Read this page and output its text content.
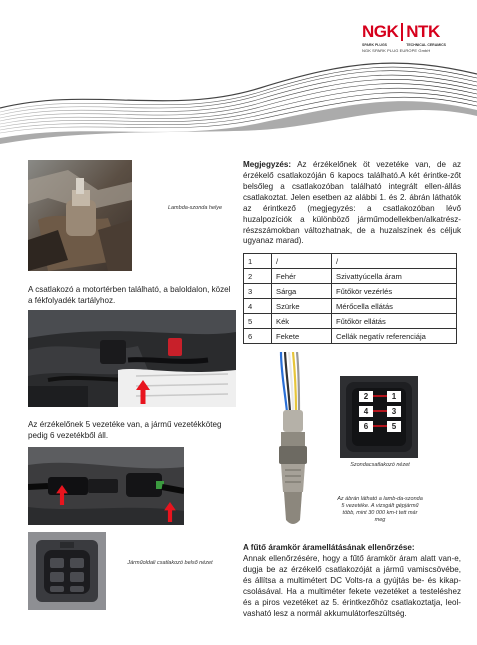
NGK NTK
SPARK PLUGS	TECHNICAL CERAMICS
NGK SPARK PLUG EUROPE GmbH
Lambda-szonda helye
A csatlakozó a motortérben található, a baloldalon, közel a fékfolyadék tartályhoz.
Az érzékelőnek 5 vezetéke van, a jármű vezetékköteg pedig 6 vezetékből áll.
Járműoldali csatlakozó belső nézet
Megjegyzés: Az érzékelőnek öt vezetéke van, de az érzékelő csatlakozóján 6 kapocs található.A két érintke-zőt belsőleg a csatlakozóban található integrált ellen-állás csatlakoztat. Jelen esetben az alábbi 1. és 2. ábrán láthatók az érintkező (megjegyzés: a csatlakozóban lévő huzalpozíciók a különböző járműmodellekben/alkatrész-részszámokban változhatnak, de a huzalszínek és céljuk ugyanaz marad).
1	/	/
2	Fehér	Szivattyúcella áram
3	Sárga	Fűtőkör vezérlés
4	Szürke	Mérőcella ellátás
5	Kék	Fűtőkör ellátás
6	Fekete	Cellák negatív referenciája
2	1
4	3
6	5
Szondacsatlakozó nézet
Az ábrán látható a lamb-da-szonda 5 vezetéke. A vizsgált gépjármű több, mint 30 000 km-t tett már meg
A fűtő áramkör áramellátásának ellenőrzése:
Annak ellenőrzésére, hogy a fűtő áramkör áram alatt van-e, dugja be az érzékelő csatlakozóját a jármű vamiscsövébe, és állítsa a multimétert DC Volts-ra a gyújtás be- és kikap-csolásával. Ha a multiméter fekete vezetéket a testeléshez és a piros vezetéket az 5. érintkezőhöz csatlakoztatja, leol-vasható lesz a normál akkumulátorfeszültség.
